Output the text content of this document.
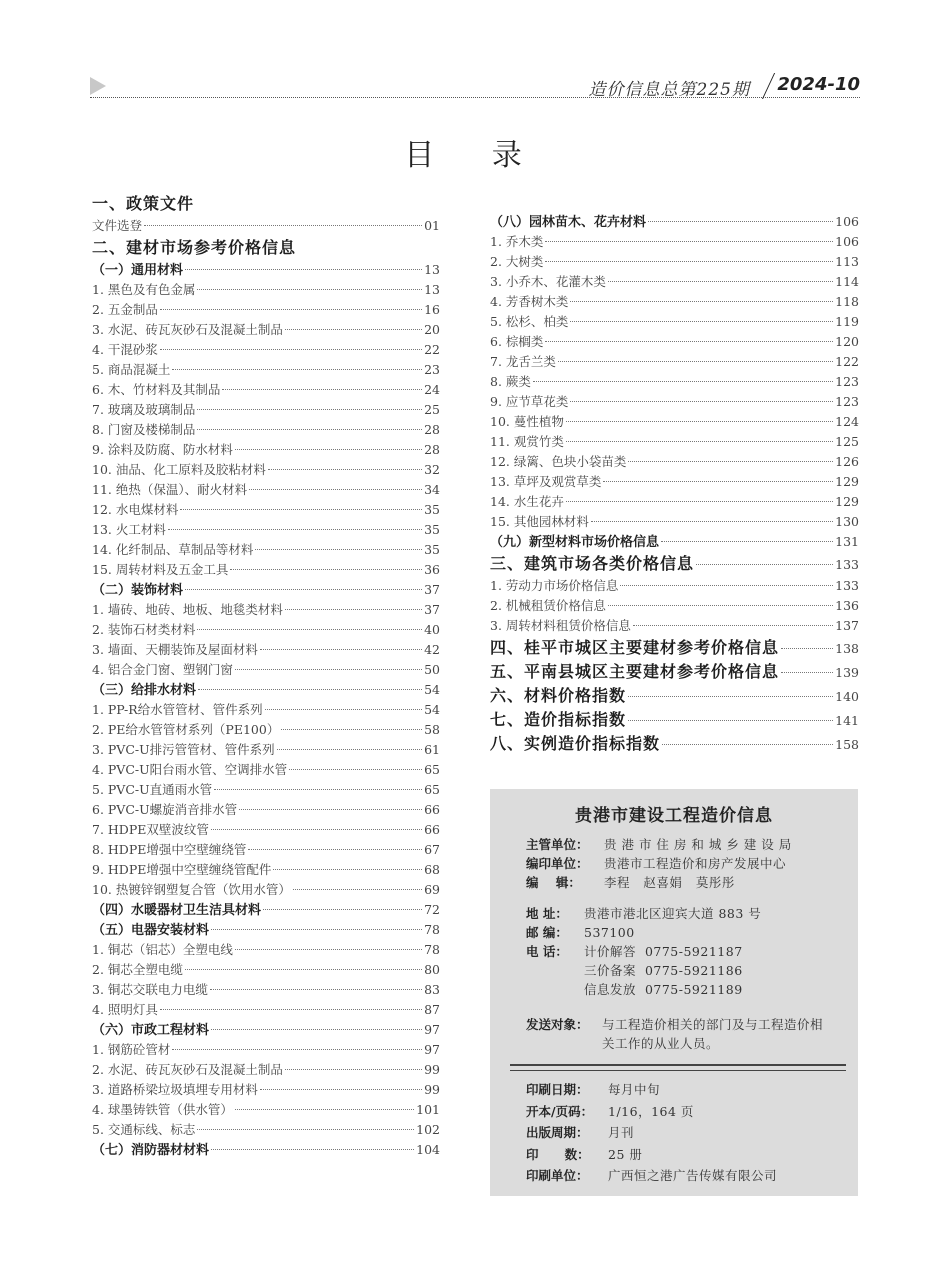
造价信息总第225期	2024-10
目 录
一、政策文件
文件选登	01
二、建材市场参考价格信息
（一）通用材料	13
1. 黑色及有色金属	13
2. 五金制品	16
3. 水泥、砖瓦灰砂石及混凝土制品	20
4. 干混砂浆	22
5. 商品混凝土	23
6. 木、竹材料及其制品	24
7. 玻璃及玻璃制品	25
8. 门窗及楼梯制品	28
9. 涂料及防腐、防水材料	28
10. 油品、化工原料及胶粘材料	32
11. 绝热（保温）、耐火材料	34
12. 水电煤材料	35
13. 火工材料	35
14. 化纤制品、草制品等材料	35
15. 周转材料及五金工具	36
（二）装饰材料	37
1. 墙砖、地砖、地板、地毯类材料	37
2. 装饰石材类材料	40
3. 墙面、天棚装饰及屋面材料	42
4. 铝合金门窗、塑钢门窗	50
（三）给排水材料	54
1. PP-R给水管管材、管件系列	54
2. PE给水管管材系列（PE100）	58
3. PVC-U排污管管材、管件系列	61
4. PVC-U阳台雨水管、空调排水管	65
5. PVC-U直通雨水管	65
6. PVC-U螺旋消音排水管	66
7. HDPE双壁波纹管	66
8. HDPE增强中空壁缠绕管	67
9. HDPE增强中空壁缠绕管配件	68
10. 热镀锌钢塑复合管（饮用水管）	69
（四）水暖器材卫生洁具材料	72
（五）电器安装材料	78
1. 铜芯（铝芯）全塑电线	78
2. 铜芯全塑电缆	80
3. 铜芯交联电力电缆	83
4. 照明灯具	87
（六）市政工程材料	97
1. 钢筋砼管材	97
2. 水泥、砖瓦灰砂石及混凝土制品	99
3. 道路桥梁垃圾填埋专用材料	99
4. 球墨铸铁管（供水管）	101
5. 交通标线、标志	102
（七）消防器材材料	104
（八）园林苗木、花卉材料	106
1. 乔木类	106
2. 大树类	113
3. 小乔木、花灌木类	114
4. 芳香树木类	118
5. 松杉、柏类	119
6. 棕榈类	120
7. 龙舌兰类	122
8. 蕨类	123
9. 应节草花类	123
10. 蔓性植物	124
11. 观赏竹类	125
12. 绿篱、色块小袋苗类	126
13. 草坪及观赏草类	129
14. 水生花卉	129
15. 其他园林材料	130
（九）新型材料市场价格信息	131
三、建筑市场各类价格信息	133
1. 劳动力市场价格信息	133
2. 机械租赁价格信息	136
3. 周转材料租赁价格信息	137
四、桂平市城区主要建材参考价格信息	138
五、平南县城区主要建材参考价格信息	139
六、材料价格指数	140
七、造价指标指数	141
八、实例造价指标指数	158
贵港市建设工程造价信息
主管单位：	贵 港 市 住 房 和 城 乡 建 设 局
编印单位：	贵港市工程造价和房产发展中心
编    辑：	李程   赵喜娟   莫彤彤
地 址：	贵港市港北区迎宾大道 883 号
邮 编：	537100
电 话：	计价解答  0775-5921187
三价备案  0775-5921186
信息发放  0775-5921189
发送对象：	与工程造价相关的部门及与工程造价相关工作的从业人员。
印刷日期：	每月中旬
开本/页码：	1/16，164 页
出版周期：	月刊
印      数：	25 册
印刷单位：	广西恒之港广告传媒有限公司
